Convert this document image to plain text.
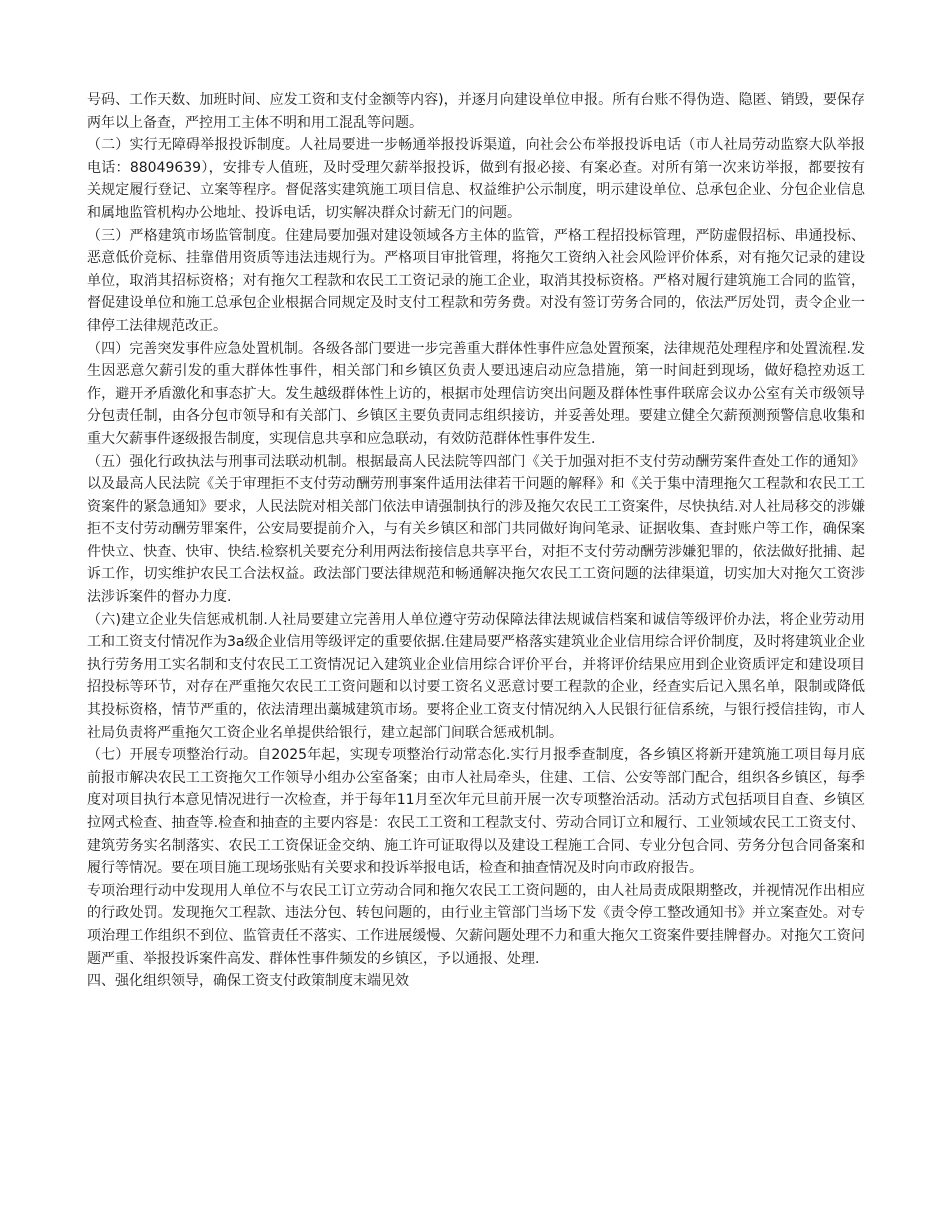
号码、工作天数、加班时间、应发工资和支付金额等内容)，并逐月向建设单位申报。所有台账不得伪造、隐匿、销毁，要保存两年以上备查，严控用工主体不明和用工混乱等问题。

（二）实行无障碍举报投诉制度。人社局要进一步畅通举报投诉渠道，向社会公布举报投诉电话（市人社局劳动监察大队举报电话：88049639），安排专人值班，及时受理欠薪举报投诉，做到有报必接、有案必查。对所有第一次来访举报，都要按有关规定履行登记、立案等程序。督促落实建筑施工项目信息、权益维护公示制度，明示建设单位、总承包企业、分包企业信息和属地监管机构办公地址、投诉电话，切实解决群众讨薪无门的问题。

（三）严格建筑市场监管制度。住建局要加强对建设领域各方主体的监管，严格工程招投标管理，严防虚假招标、串通投标、恶意低价竞标、挂靠借用资质等违法违规行为。严格项目审批管理，将拖欠工资纳入社会风险评价体系，对有拖欠记录的建设单位，取消其招标资格；对有拖欠工程款和农民工工资记录的施工企业，取消其投标资格。严格对履行建筑施工合同的监管，督促建设单位和施工总承包企业根据合同规定及时支付工程款和劳务费。对没有签订劳务合同的，依法严厉处罚，责令企业一律停工法律规范改正。

（四）完善突发事件应急处置机制。各级各部门要进一步完善重大群体性事件应急处置预案，法律规范处理程序和处置流程.发生因恶意欠薪引发的重大群体性事件，相关部门和乡镇区负责人要迅速启动应急措施，第一时间赶到现场，做好稳控劝返工作，避开矛盾激化和事态扩大。发生越级群体性上访的，根据市处理信访突出问题及群体性事件联席会议办公室有关市级领导分包责任制，由各分包市领导和有关部门、乡镇区主要负责同志组织接访，并妥善处理。要建立健全欠薪预测预警信息收集和重大欠薪事件逐级报告制度，实现信息共享和应急联动，有效防范群体性事件发生.

（五）强化行政执法与刑事司法联动机制。根据最高人民法院等四部门《关于加强对拒不支付劳动酬劳案件查处工作的通知》以及最高人民法院《关于审理拒不支付劳动酬劳刑事案件适用法律若干问题的解释》和《关于集中清理拖欠工程款和农民工工资案件的紧急通知》要求，人民法院对相关部门依法申请强制执行的涉及拖欠农民工工资案件，尽快执结.对人社局移交的涉嫌拒不支付劳动酬劳罪案件，公安局要提前介入，与有关乡镇区和部门共同做好询问笔录、证据收集、查封账户等工作，确保案件快立、快查、快审、快结.检察机关要充分利用两法衔接信息共享平台，对拒不支付劳动酬劳涉嫌犯罪的，依法做好批捕、起诉工作，切实维护农民工合法权益。政法部门要法律规范和畅通解决拖欠农民工工资问题的法律渠道，切实加大对拖欠工资涉法涉诉案件的督办力度.

（六)建立企业失信惩戒机制.人社局要建立完善用人单位遵守劳动保障法律法规诚信档案和诚信等级评价办法，将企业劳动用工和工资支付情况作为3a级企业信用等级评定的重要依据.住建局要严格落实建筑业企业信用综合评价制度，及时将建筑业企业执行劳务用工实名制和支付农民工工资情况记入建筑业企业信用综合评价平台，并将评价结果应用到企业资质评定和建设项目招投标等环节，对存在严重拖欠农民工工资问题和以讨要工资名义恶意讨要工程款的企业，经查实后记入黑名单，限制或降低其投标资格，情节严重的，依法清理出藁城建筑市场。要将企业工资支付情况纳入人民银行征信系统，与银行授信挂钩，市人社局负责将严重拖欠工资企业名单提供给银行，建立起部门间联合惩戒机制。

（七）开展专项整治行动。自2025年起，实现专项整治行动常态化.实行月报季查制度，各乡镇区将新开建筑施工项目每月底前报市解决农民工工资拖欠工作领导小组办公室备案；由市人社局牵头，住建、工信、公安等部门配合，组织各乡镇区，每季度对项目执行本意见情况进行一次检查，并于每年11月至次年元旦前开展一次专项整治活动。活动方式包括项目自查、乡镇区拉网式检查、抽查等.检查和抽查的主要内容是：农民工工资和工程款支付、劳动合同订立和履行、工业领域农民工工资支付、建筑劳务实名制落实、农民工工资保证金交纳、施工许可证取得以及建设工程施工合同、专业分包合同、劳务分包合同备案和履行等情况。要在项目施工现场张贴有关要求和投诉举报电话，检查和抽查情况及时向市政府报告。

专项治理行动中发现用人单位不与农民工订立劳动合同和拖欠农民工工资问题的，由人社局责成限期整改，并视情况作出相应的行政处罚。发现拖欠工程款、违法分包、转包问题的，由行业主管部门当场下发《责令停工整改通知书》并立案查处。对专项治理工作组织不到位、监管责任不落实、工作进展缓慢、欠薪问题处理不力和重大拖欠工资案件要挂牌督办。对拖欠工资问题严重、举报投诉案件高发、群体性事件频发的乡镇区，予以通报、处理.

四、强化组织领导，确保工资支付政策制度末端见效
